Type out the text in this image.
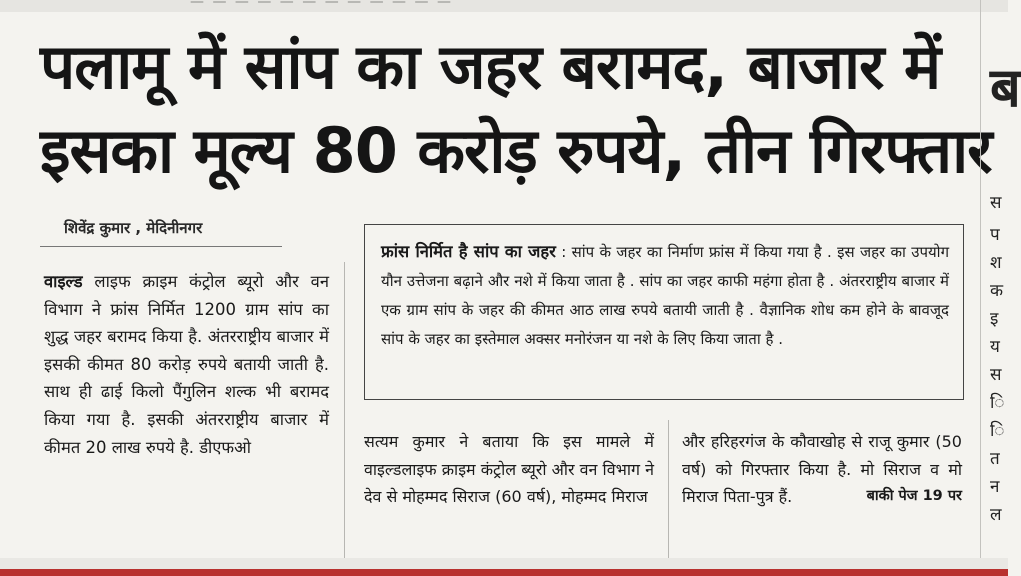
— — — — — — — — — — — —
पलामू में सांप का जहर बरामद, बाजार में
इसका मूल्य 80 करोड़ रुपये, तीन गिरफ्तार
शिवेंद्र कुमार , मेदिनीनगर
वाइल्ड लाइफ क्राइम कंट्रोल ब्यूरो और वन विभाग ने फ्रांस निर्मित 1200 ग्राम सांप का शुद्ध जहर बरामद किया है. अंतरराष्ट्रीय बाजार में इसकी कीमत 80 करोड़ रुपये बतायी जाती है. साथ ही ढाई किलो पैंगुलिन शल्क भी बरामद किया गया है. इसकी अंतरराष्ट्रीय बाजार में कीमत 20 लाख रुपये है. डीएफओ
फ्रांस निर्मित है सांप का जहर : सांप के जहर का निर्माण फ्रांस में किया गया है . इस जहर का उपयोग यौन उत्तेजना बढ़ाने और नशे में किया जाता है . सांप का जहर काफी महंगा होता है . अंतरराष्ट्रीय बाजार में एक ग्राम सांप के जहर की कीमत आठ लाख रुपये बतायी जाती है . वैज्ञानिक शोध कम होने के बावजूद सांप के जहर का इस्तेमाल अक्सर मनोरंजन या नशे के लिए किया जाता है .
सत्यम कुमार ने बताया कि इस मामले में वाइल्डलाइफ क्राइम कंट्रोल ब्यूरो और वन विभाग ने देव से मोहम्मद सिराज (60 वर्ष), मोहम्मद मिराज
और हरिहरगंज के कौवाखोह से राजू कुमार (50 वर्ष) को गिरफ्तार किया है. मो सिराज व मो मिराज पिता-पुत्र हैं.	बाकी पेज 19 पर
ब
स
प
श
क
इ
य
स
ि
ि
त
न
ल
